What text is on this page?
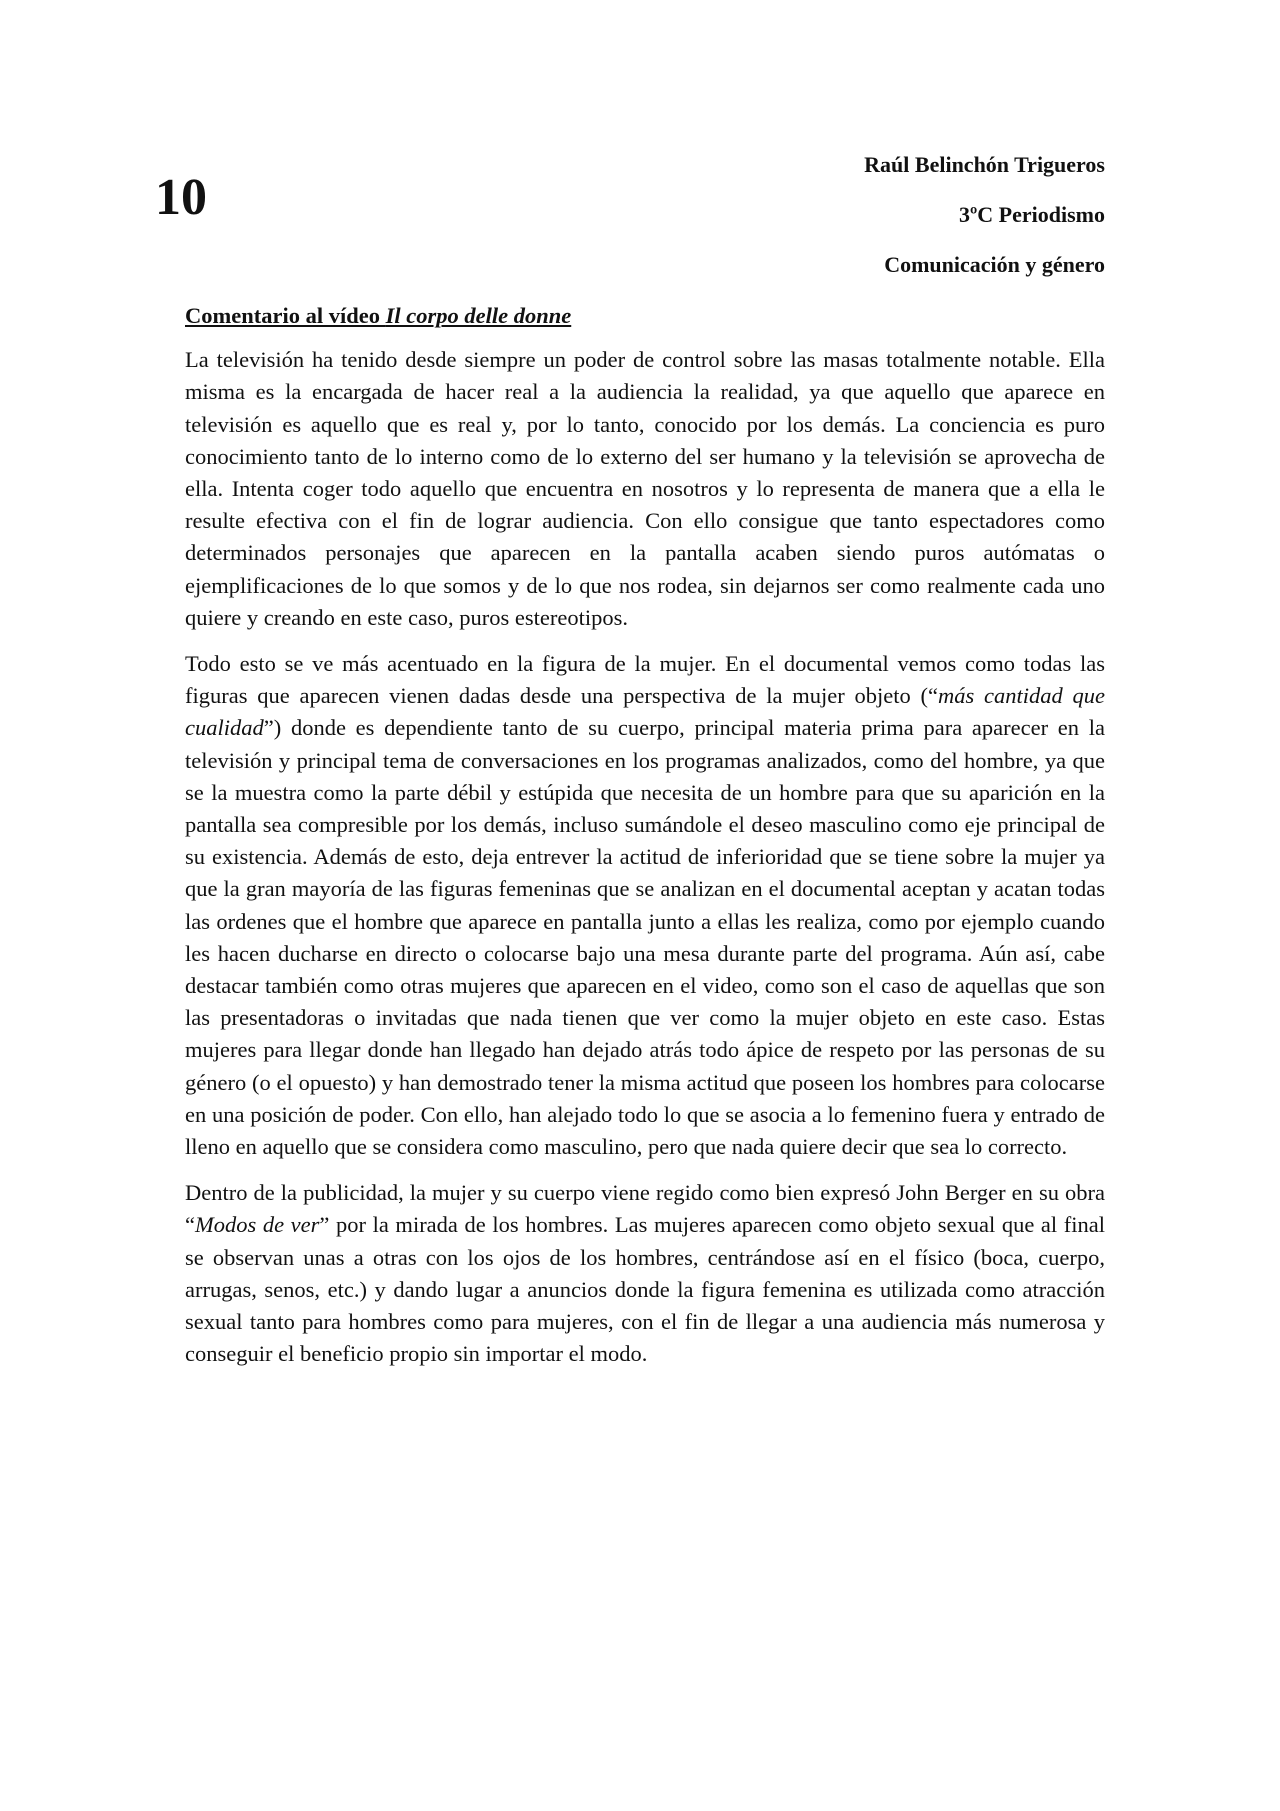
10
Raúl Belinchón Trigueros
3ºC Periodismo
Comunicación y género
Comentario al vídeo Il corpo delle donne

La televisión ha tenido desde siempre un poder de control sobre las masas totalmente notable. Ella misma es la encargada de hacer real a la audiencia la realidad, ya que aquello que aparece en televisión es aquello que es real y, por lo tanto, conocido por los demás. La conciencia es puro conocimiento tanto de lo interno como de lo externo del ser humano y la televisión se aprovecha de ella. Intenta coger todo aquello que encuentra en nosotros y lo representa de manera que a ella le resulte efectiva con el fin de lograr audiencia. Con ello consigue que tanto espectadores como determinados personajes que aparecen en la pantalla acaben siendo puros autómatas o ejemplificaciones de lo que somos y de lo que nos rodea, sin dejarnos ser como realmente cada uno quiere y creando en este caso, puros estereotipos.

Todo esto se ve más acentuado en la figura de la mujer. En el documental vemos como todas las figuras que aparecen vienen dadas desde una perspectiva de la mujer objeto (“más cantidad que cualidad”) donde es dependiente tanto de su cuerpo, principal materia prima para aparecer en la televisión y principal tema de conversaciones en los programas analizados, como del hombre, ya que se la muestra como la parte débil y estúpida que necesita de un hombre para que su aparición en la pantalla sea compresible por los demás, incluso sumándole el deseo masculino como eje principal de su existencia. Además de esto, deja entrever la actitud de inferioridad que se tiene sobre la mujer ya que la gran mayoría de las figuras femeninas que se analizan en el documental aceptan y acatan todas las ordenes que el hombre que aparece en pantalla junto a ellas les realiza, como por ejemplo cuando les hacen ducharse en directo o colocarse bajo una mesa durante parte del programa. Aún así, cabe destacar también como otras mujeres que aparecen en el video, como son el caso de aquellas que son las presentadoras o invitadas que nada tienen que ver como la mujer objeto en este caso. Estas mujeres para llegar donde han llegado han dejado atrás todo ápice de respeto por las personas de su género (o el opuesto) y han demostrado tener la misma actitud que poseen los hombres para colocarse en una posición de poder. Con ello, han alejado todo lo que se asocia a lo femenino fuera y entrado de lleno en aquello que se considera como masculino, pero que nada quiere decir que sea lo correcto.

Dentro de la publicidad, la mujer y su cuerpo viene regido como bien expresó John Berger en su obra “Modos de ver” por la mirada de los hombres. Las mujeres aparecen como objeto sexual que al final se observan unas a otras con los ojos de los hombres, centrándose así en el físico (boca, cuerpo, arrugas, senos, etc.) y dando lugar a anuncios donde la figura femenina es utilizada como atracción sexual tanto para hombres como para mujeres, con el fin de llegar a una audiencia más numerosa y conseguir el beneficio propio sin importar el modo.
